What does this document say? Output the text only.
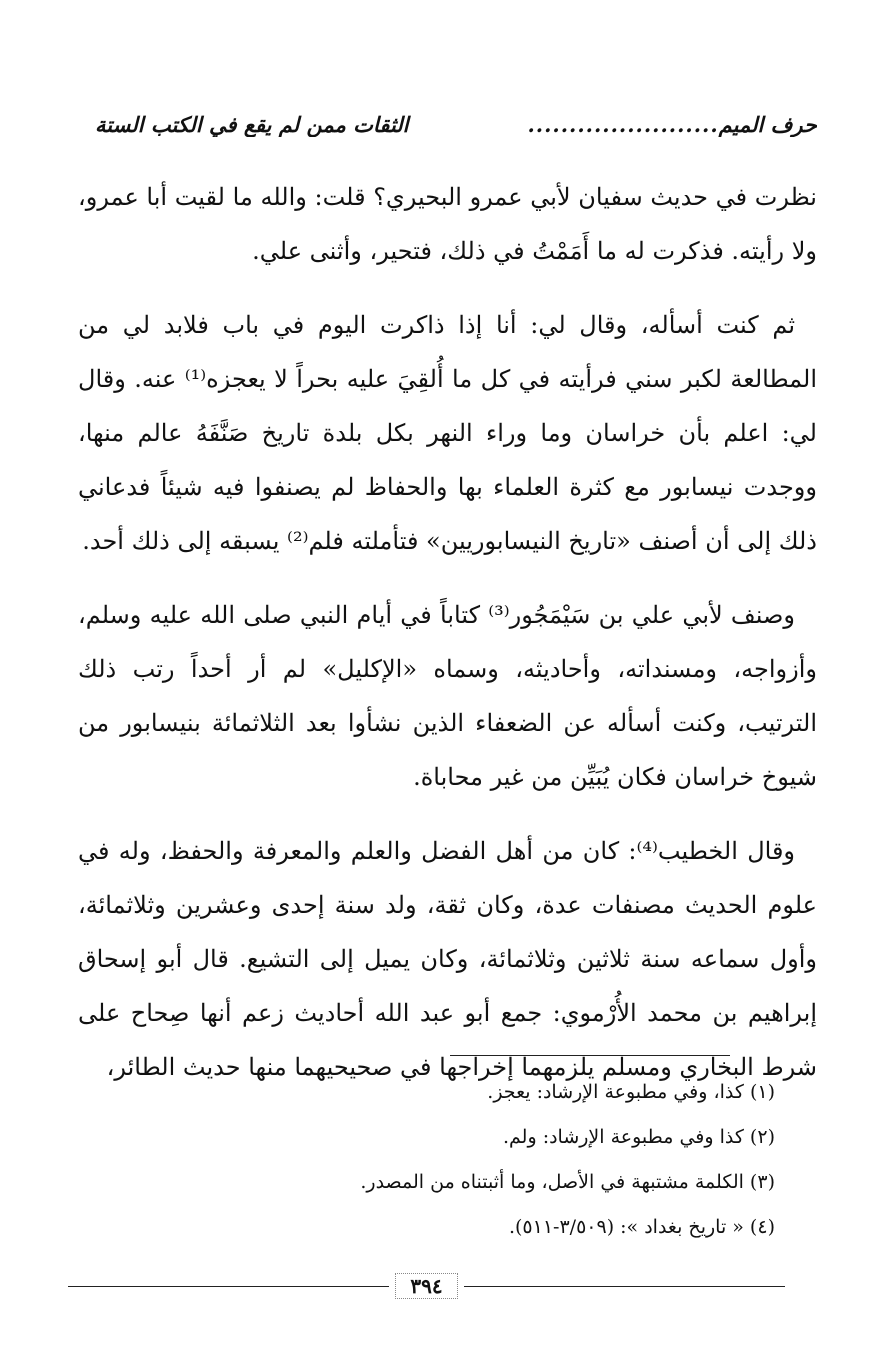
حرف الميم
.......................
الثقات ممن لم يقع في الكتب الستة

نظرت في حديث سفيان لأبي عمرو البحيري؟ قلت: والله ما لقيت أبا عمرو، ولا رأيته. فذكرت له ما أَمَمْتُ في ذلك، فتحير، وأثنى علي.

ثم كنت أسأله، وقال لي: أنا إذا ذاكرت اليوم في باب فلابد لي من المطالعة لكبر سني فرأيته في كل ما أُلقِيَ عليه بحراً لا يعجزه⁽¹⁾ عنه. وقال لي: اعلم بأن خراسان وما وراء النهر بكل بلدة تاريخ صَنَّفَهُ عالم منها، ووجدت نيسابور مع كثرة العلماء بها والحفاظ لم يصنفوا فيه شيئاً فدعاني ذلك إلى أن أصنف «تاريخ النيسابوريين» فتأملته فلم⁽²⁾ يسبقه إلى ذلك أحد.

وصنف لأبي علي بن سَيْمَجُور⁽³⁾ كتاباً في أيام النبي صلى الله عليه وسلم، وأزواجه، ومسنداته، وأحاديثه، وسماه «الإكليل» لم أر أحداً رتب ذلك الترتيب، وكنت أسأله عن الضعفاء الذين نشأوا بعد الثلاثمائة بنيسابور من شيوخ خراسان فكان يُبَيِّن من غير محاباة.

وقال الخطيب⁽⁴⁾: كان من أهل الفضل والعلم والمعرفة والحفظ، وله في علوم الحديث مصنفات عدة، وكان ثقة، ولد سنة إحدى وعشرين وثلاثمائة، وأول سماعه سنة ثلاثين وثلاثمائة، وكان يميل إلى التشيع. قال أبو إسحاق إبراهيم بن محمد الأُرْموي: جمع أبو عبد الله أحاديث زعم أنها صِحاح على شرط البخاري ومسلم يلزمهما إخراجها في صحيحيهما منها حديث الطائر،

(١) كذا، وفي مطبوعة الإرشاد: يعجز.
(٢) كذا وفي مطبوعة الإرشاد: ولم.
(٣) الكلمة مشتبهة في الأصل، وما أثبتناه من المصدر.
(٤) « تاريخ بغداد »: (٣/٥٠٩-٥١١).
٣٩٤
